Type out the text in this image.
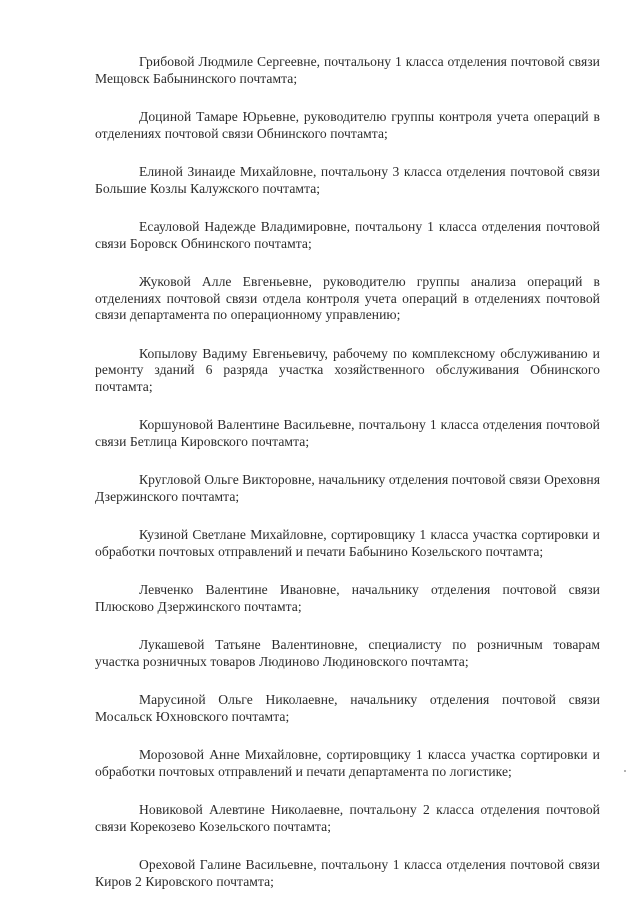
Грибовой Людмиле Сергеевне, почтальону 1 класса отделения почтовой связи Мещовск Бабынинского почтамта;

Доциной Тамаре Юрьевне, руководителю группы контроля учета операций в отделениях почтовой связи Обнинского почтамта;

Елиной Зинаиде Михайловне, почтальону 3 класса отделения почтовой связи Большие Козлы Калужского почтамта;

Есауловой Надежде Владимировне, почтальону 1 класса отделения почтовой связи Боровск Обнинского почтамта;

Жуковой Алле Евгеньевне, руководителю группы анализа операций в отделениях почтовой связи отдела контроля учета операций в отделениях почтовой связи департамента по операционному управлению;

Копылову Вадиму Евгеньевичу, рабочему по комплексному обслуживанию и ремонту зданий 6 разряда участка хозяйственного обслуживания Обнинского почтамта;

Коршуновой Валентине Васильевне, почтальону 1 класса отделения почтовой связи Бетлица Кировского почтамта;

Кругловой Ольге Викторовне, начальнику отделения почтовой связи Ореховня Дзержинского почтамта;

Кузиной Светлане Михайловне, сортировщику 1 класса участка сортировки и обработки почтовых отправлений и печати Бабынино Козельского почтамта;

Левченко Валентине Ивановне, начальнику отделения почтовой связи Плюсково Дзержинского почтамта;

Лукашевой Татьяне Валентиновне, специалисту по розничным товарам участка розничных товаров Людиново Людиновского почтамта;

Марусиной Ольге Николаевне, начальнику отделения почтовой связи Мосальск Юхновского почтамта;

Морозовой Анне Михайловне, сортировщику 1 класса участка сортировки и обработки почтовых отправлений и печати департамента по логистике;

Новиковой Алевтине Николаевне, почтальону 2 класса отделения почтовой связи Корекозево Козельского почтамта;

Ореховой Галине Васильевне, почтальону 1 класса отделения почтовой связи Киров 2 Кировского почтамта;
